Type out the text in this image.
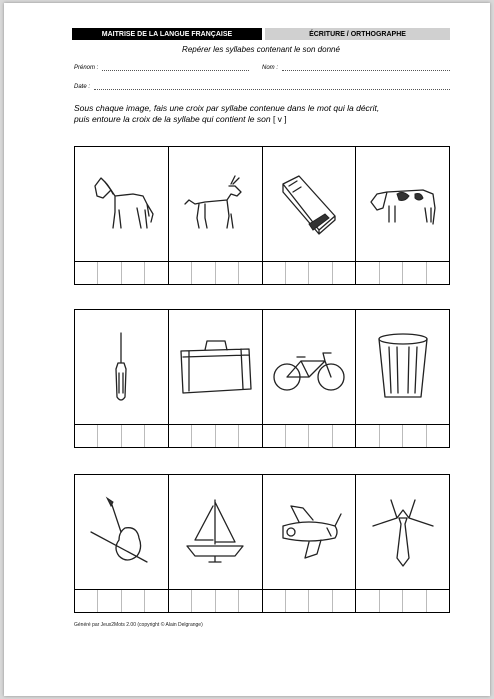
MAITRISE DE LA LANGUE FRANÇAISE	ÉCRITURE / ORTHOGRAPHE
Repérer les syllabes contenant le son donné
Prénom :	Nom :
Date :
Sous chaque image, fais une croix par syllabe contenue dans le mot qui la décrit,
puis entoure la croix de la syllabe qui contient le son [ v ]
Généré par Jeux2Mots 2.00 (copyright © Alain Delgrange)
